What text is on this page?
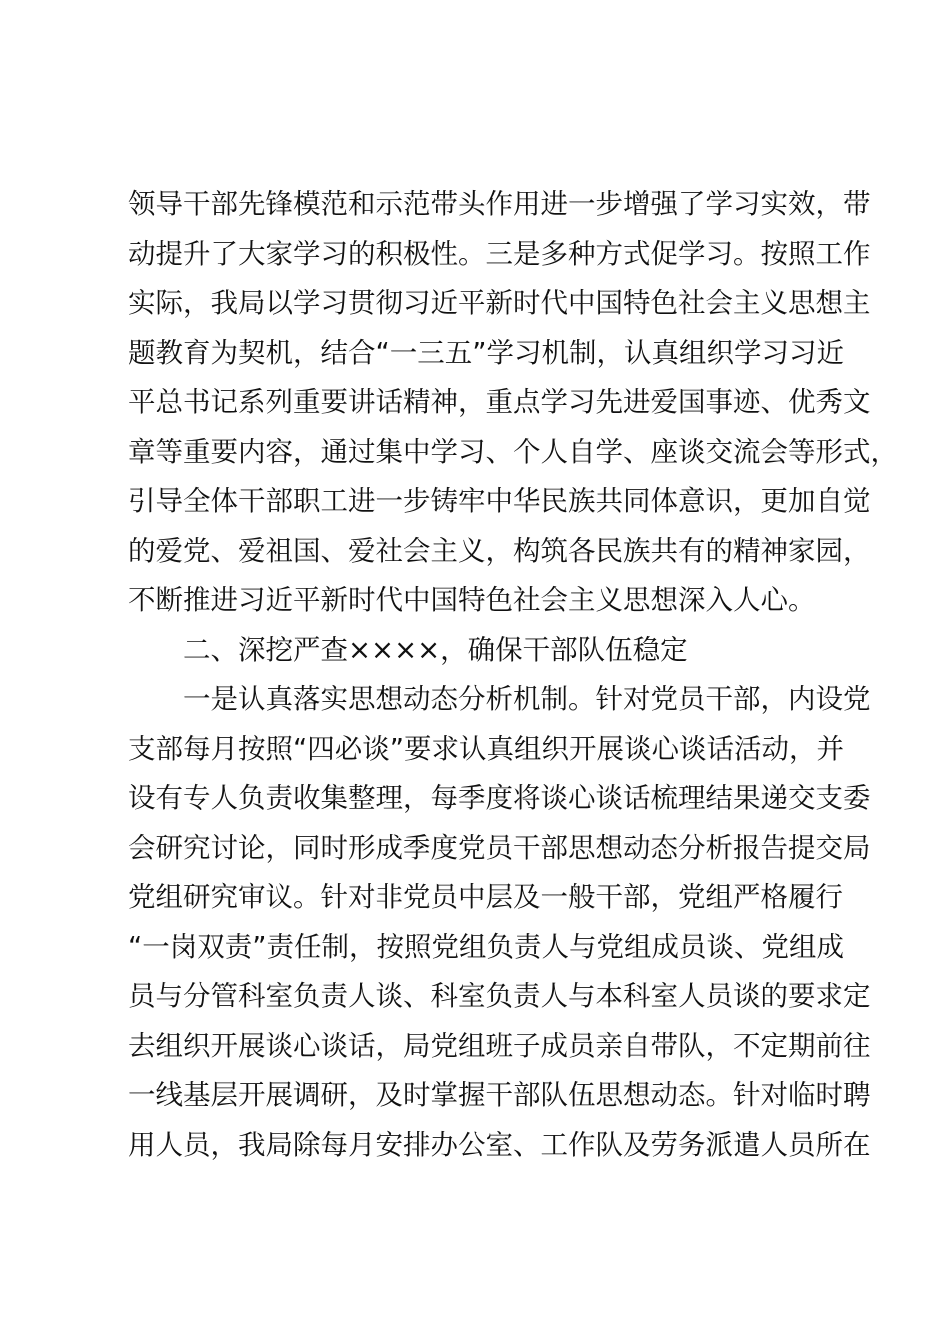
领导干部先锋模范和示范带头作用进一步增强了学习实效，带
动提升了大家学习的积极性。三是多种方式促学习。按照工作
实际，我局以学习贯彻习近平新时代中国特色社会主义思想主
题教育为契机，结合“一三五”学习机制，认真组织学习习近
平总书记系列重要讲话精神，重点学习先进爱国事迹、优秀文
章等重要内容，通过集中学习、个人自学、座谈交流会等形式，
引导全体干部职工进一步铸牢中华民族共同体意识，更加自觉
的爱党、爱祖国、爱社会主义，构筑各民族共有的精神家园，
不断推进习近平新时代中国特色社会主义思想深入人心。
二、深挖严查××××，确保干部队伍稳定
一是认真落实思想动态分析机制。针对党员干部，内设党
支部每月按照“四必谈”要求认真组织开展谈心谈话活动，并
设有专人负责收集整理，每季度将谈心谈话梳理结果递交支委
会研究讨论，同时形成季度党员干部思想动态分析报告提交局
党组研究审议。针对非党员中层及一般干部，党组严格履行
“一岗双责”责任制，按照党组负责人与党组成员谈、党组成
员与分管科室负责人谈、科室负责人与本科室人员谈的要求定
去组织开展谈心谈话，局党组班子成员亲自带队，不定期前往
一线基层开展调研，及时掌握干部队伍思想动态。针对临时聘
用人员，我局除每月安排办公室、工作队及劳务派遣人员所在
